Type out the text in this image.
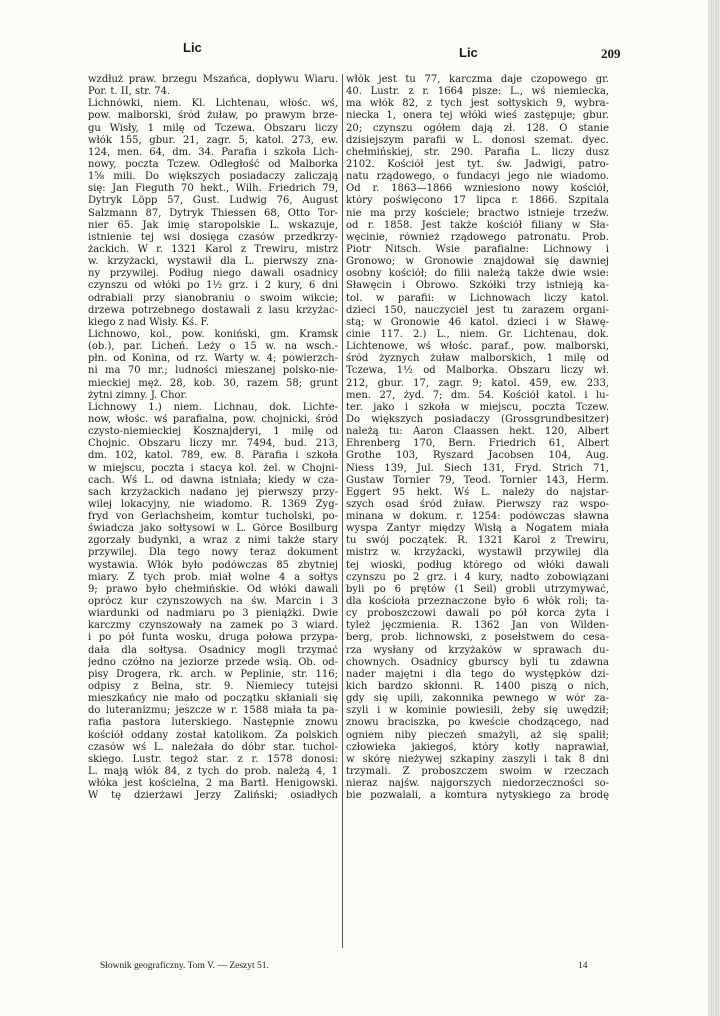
Lic	Lic	209
wzdłuż praw. brzegu Mszańca, dopływu Wiaru.
Por. t. II, str. 74.
Lichnówki, niem. Kl. Lichtenau, włośc. wś,
pow. malborski, śród żuław, po prawym brze-
gu Wisły, 1 milę od Tczewa. Obszaru liczy
włók 155, gbur. 21, zagr. 5, katol. 273, ew.
124, men. 64, dm. 34. Parafia i szkoła Lich-
nowy, poczta Tczew. Odległość od Malborka
1⅝ mili. Do większych posiadaczy zaliczają
się: Jan Fieguth 70 hekt., Wilh. Friedrich 79,
Dytryk Löpp 57, Gust. Ludwig 76, August
Salzmann 87, Dytryk Thiessen 68, Otto Tor-
nier 65. Jak imię staropolskie L. wskazuje,
istnienie tej wsi dosięga czasów przedkrzy-
żackich. W r. 1321 Karol z Trewiru, mistrz
w. krzyżacki, wystawił dla L. pierwszy zna-
ny przywilej. Podług niego dawali osadnicy
czynszu od włóki po 1½ grz. i 2 kury, 6 dni
odrabiali przy sianobraniu o swoim wikcie;
drzewa potrzebnego dostawali z lasu krzyżac-
kiego z nad Wisły. Kś. F.
Lichnowo, kol., pow. koniński, gm. Kramsk
(ob.), par. Licheń. Leży o 15 w. na wsch.-
płn. od Konina, od rz. Warty w. 4; powierzch-
ni ma 70 mr.; ludności mieszanej polsko-nie-
mieckiej męż. 28, kob. 30, razem 58; grunt
żytni zimny. J. Chor.
Lichnowy 1.) niem. Lichnau, dok. Lichte-
now, włośc. wś parafialna, pow. chojnicki, śród
czysto-niemieckiej Kosznajderyi, 1 milę od
Chojnic. Obszaru liczy mr. 7494, bud. 213,
dm. 102, katol. 789, ew. 8. Parafia i szkoła
w miejscu, poczta i stacya kol. żel. w Chojni-
cach. Wś L. od dawna istniała; kiedy w cza-
sach krzyżackich nadano jej pierwszy przy-
wilej lokacyjny, nie wiadomo. R. 1369 Zyg-
fryd von Gerlachsheim, komtur tucholski, po-
świadcza jako sołtysowi w L. Górce Bosilburg
zgorzały budynki, a wraz z nimi także stary
przywilej. Dla tego nowy teraz dokument
wystawia. Włók było podówczas 85 zbytniej
miary. Z tych prob. miał wolne 4 a sołtys
9; prawo było chełmińskie. Od włóki dawali
oprócz kur czynszowych na św. Marcin i 3
wiardunki od nadmiaru po 3 pieniążki. Dwie
karczmy czynszowały na zamek po 3 wiard.
i po pół funta wosku, druga połowa przypa-
dała dla sołtysa. Osadnicy mogli trzymać
jedno czółno na jeziorze przede wsią. Ob. od-
pisy Drogera, rk. arch. w Peplinie, str. 116;
odpisy z Belna, str. 9. Niemiecy tutejsi
mieszkańcy nie mało od początku skłaniali się
do luteranizmu; jeszcze w r. 1588 miała ta pa-
rafia pastora luterskiego. Następnie znowu
kościół oddany został katolikom. Za polskich
czasów wś L. należała do dóbr star. tuchol-
skiego. Lustr. tegoż star. z r. 1578 donosi:
L. mają włók 84, z tych do prob. należą 4, 1
włóka jest kościelna, 2 ma Bartł. Henigowski.
W tę dzierżawi Jerzy Żaliński; osiadłych
włók jest tu 77, karczma daje czopowego gr.
40. Lustr. z r. 1664 pisze: L., wś niemiecka,
ma włók 82, z tych jest sołtyskich 9, wybra-
niecka 1, onera tej włóki wieś zastępuje; gbur.
20; czynszu ogółem dają zł. 128. O stanie
dzisiejszym parafii w L. donosi szemat. dyec.
chełmińskiej, str. 290. Parafia L. liczy dusz
2102. Kościół jest tyt. św. Jadwigi, patro-
natu rządowego, o fundacyi jego nie wiadomo.
Od r. 1863—1866 wzniesiono nowy kościół,
który poświęcono 17 lipca r. 1866. Szpitala
nie ma przy kościele; bractwo istnieje trzeźw.
od r. 1858. Jest także kościół filiany w Sła-
węcinie, również rządowego patronatu. Prob.
Piotr Nitsch. Wsie parafialne: Lichnowy i
Gronowo; w Gronowie znajdował się dawniej
osobny kościół; do filii należą także dwie wsie:
Sławęcin i Obrowo. Szkółki trzy istnieją ka-
tol. w parafii: w Lichnowach liczy katol.
dzieci 150, nauczyciel jest tu zarazem organi-
stą; w Gronowie 46 katol. dzieci i w Sławę-
cinie 117. 2.) L., niem. Gr. Lichtenau, dok.
Lichtenowe, wś włośc. paraf., pow. malborski,
śród żyznych żuław malborskich, 1 milę od
Tczewa, 1½ od Malborka. Obszaru liczy wł.
212, gbur. 17, zagr. 9; katol. 459, ew. 233,
men. 27, żyd. 7; dm. 54. Kościół katol. i lu-
ter. jako i szkoła w miejscu, poczta Tczew.
Do większych posiadaczy (Grossgrundbesitzer)
należą tu: Aaron Claassen hekt. 120, Albert
Ehrenberg 170, Bern. Friedrich 61, Albert
Grothe 103, Ryszard Jacobsen 104, Aug.
Niess 139, Jul. Siech 131, Fryd. Strich 71,
Gustaw Tornier 79, Teod. Tornier 143, Herm.
Eggert 95 hekt. Wś L. należy do najstar-
szych osad śród żuław. Pierwszy raz wspo-
minana w dokum. r. 1254: podówczas sławna
wyspa Zantyr między Wisłą a Nogatem miała
tu swój początek. R. 1321 Karol z Trewiru,
mistrz w. krzyżacki, wystawił przywilej dla
tej wioski, podług którego od włóki dawali
czynszu po 2 grz. i 4 kury, nadto zobowiązani
byli po 6 prętów (1 Seil) grobli utrzymywać,
dla kościoła przeznaczone było 6 włók roli; ta-
cy proboszczowi dawali po pół korca żyta i
tyleż jęczmienia. R. 1362 Jan von Wilden-
berg, prob. lichnowski, z posełstwem do cesa-
rza wysłany od krzyżaków w sprawach du-
chownych. Osadnicy gburscy byli tu zdawna
nader majętni i dla tego do występków dzi-
kich bardzo skłonni. R. 1400 piszą o nich,
gdy się upili, zakonnika pewnego w wór za-
szyli i w kominie powiesili, żeby się uwędził;
znowu braciszka, po kweście chodzącego, nad
ogniem niby pieczeń smażyli, aż się spalił;
człowieka jakiegoś, który kotły naprawiał,
w skórę nieżywej szkapiny zaszyli i tak 8 dni
trzymali. Z proboszczem swoim w rzeczach
nieraz najśw. najgorszych niedorzeczności so-
bie pozwalali, a komtura nytyskiego za brodę
Słownik geograficzny. Tom V. — Zeszyt 51.	14
